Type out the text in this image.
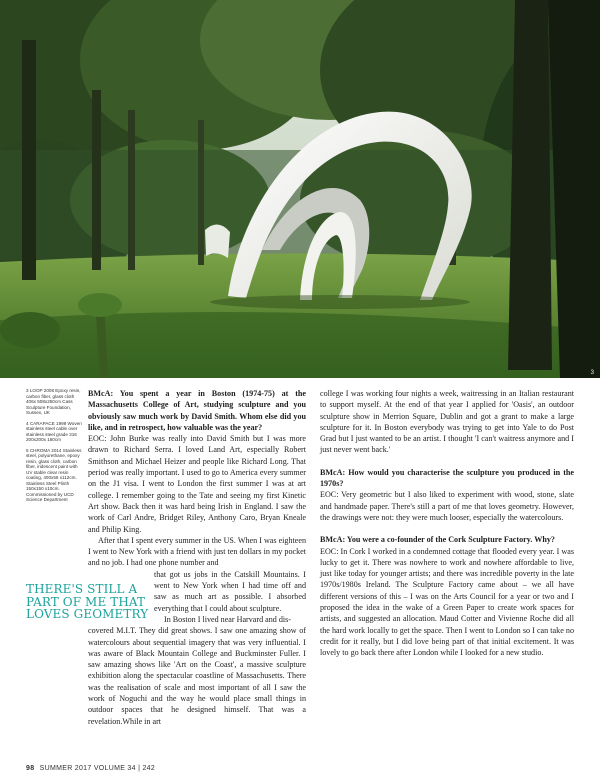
3
3 LOOP 2008 Epoxy resin, carbon fiber, glass cloth 406x 508x250cm Cass Sculpture Foundation, Sussex, UK
4 CARAPACE 1999 Woven stainless steel cable over stainless steel grade 316 200x200x 160cm
5 CHROMA 2014 Stainless steel, polyurethane, epoxy resin, glass cloth, carbon fiber, iridescent paint with UV stable clear resin coating, 400x56 x112cm. Stainless Steel Plinth 150x150 x10cm. Commissioned by UCD Science Department
THERE'S STILL A PART OF ME THAT LOVES GEOMETRY

BMcA: You spent a year in Boston (1974-75) at the Massachusetts College of Art, studying sculpture and you obviously saw much work by David Smith. Whom else did you like, and in retrospect, how valuable was the year?

EOC: John Burke was really into David Smith but I was more drawn to Richard Serra. I loved Land Art, especially Robert Smithson and Michael Heizer and people like Richard Long. That period was really important. I used to go to America every summer on the J1 visa. I went to London the first summer I was at art college. I remember going to the Tate and seeing my first Kinetic Art show. Back then it was hard being Irish in England. I saw the work of Carl Andre, Bridget Riley, Anthony Caro, Bryan Kneale and Philip King.

After that I spent every summer in the US. When I was eighteen I went to New York with a friend with just ten dollars in my pocket and no job. I had one phone number and

that got us jobs in the Catskill Mountains. I went to New York when I had time off and saw as much art as possible. I absorbed everything that I could about sculpture.

In Boston I lived near Harvard and dis-

covered M.I.T. They did great shows. I saw one amazing show of watercolours about sequential imagery that was very influential. I was aware of Black Mountain College and Buckminster Fuller. I saw amazing shows like 'Art on the Coast', a massive sculpture exhibition along the spectacular coastline of Massachusetts. There was the realisation of scale and most important of all I saw the work of Noguchi and the way he would place small things in outdoor spaces that he designed himself. That was a revelation.While in art

college I was working four nights a week, waitressing in an Italian restaurant to support myself. At the end of that year I applied for 'Oasis', an outdoor sculpture show in Merrion Square, Dublin and got a grant to make a large sculpture for it. In Boston everybody was trying to get into Yale to do Post Grad but I just wanted to be an artist. I thought 'I can't waitress anymore and I just never went back.'

BMcA: How would you characterise the sculpture you produced in the 1970s?

EOC: Very geometric but I also liked to experiment with wood, stone, slate and handmade paper. There's still a part of me that loves geometry. However, the drawings were not: they were much looser, especially the watercolours.

BMcA: You were a co-founder of the Cork Sculpture Factory. Why?

EOC: In Cork I worked in a condemned cottage that flooded every year. I was lucky to get it. There was nowhere to work and nowhere affordable to live, just like today for younger artists; and there was incredible poverty in the late 1970s/1980s Ireland. The Sculpture Factory came about – we all have different versions of this – I was on the Arts Council for a year or two and I proposed the idea in the wake of a Green Paper to create work spaces for artists, and suggested an allocation. Maud Cotter and Vivienne Roche did all the hard work locally to get the space. Then I went to London so I can take no credit for it really, but I did love being part of that initial excitement. It was lovely to go back there after London while I looked for a new studio.

98 SUMMER 2017 VOLUME 34 | 242
